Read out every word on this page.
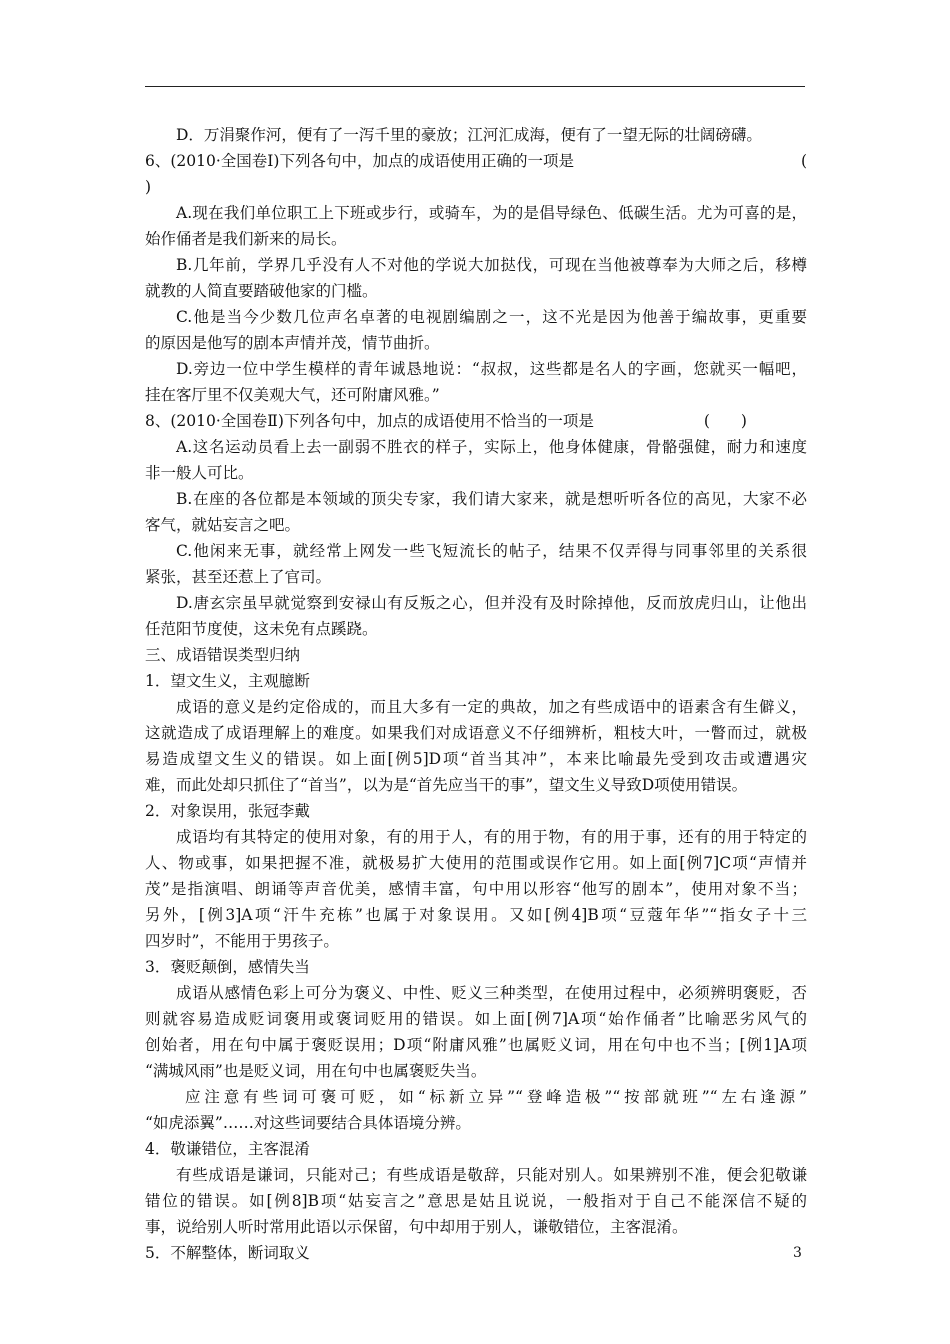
D．万涓聚作河，便有了一泻千里的豪放；江河汇成海，便有了一望无际的壮阔磅礴。
6、(2010·全国卷Ⅰ)下列各句中，加点的成语使用正确的一项是	(
)
A.现在我们单位职工上下班或步行，或骑车，为的是倡导绿色、低碳生活。尤为可喜的是，
始作俑者是我们新来的局长。
B.几年前，学界几乎没有人不对他的学说大加挞伐，可现在当他被尊奉为大师之后，移樽
就教的人简直要踏破他家的门槛。
C.他是当今少数几位声名卓著的电视剧编剧之一，这不光是因为他善于编故事，更重要
的原因是他写的剧本声情并茂，情节曲折。
D.旁边一位中学生模样的青年诚恳地说：“叔叔，这些都是名人的字画，您就买一幅吧，
挂在客厅里不仅美观大气，还可附庸风雅。”
8、(2010·全国卷Ⅱ)下列各句中，加点的成语使用不恰当的一项是	(　　)
A.这名运动员看上去一副弱不胜衣的样子，实际上，他身体健康，骨骼强健，耐力和速度
非一般人可比。
B.在座的各位都是本领域的顶尖专家，我们请大家来，就是想听听各位的高见，大家不必
客气，就姑妄言之吧。
C.他闲来无事，就经常上网发一些飞短流长的帖子，结果不仅弄得与同事邻里的关系很
紧张，甚至还惹上了官司。
D.唐玄宗虽早就觉察到安禄山有反叛之心，但并没有及时除掉他，反而放虎归山，让他出
任范阳节度使，这未免有点蹊跷。
三、成语错误类型归纳
1．望文生义，主观臆断
成语的意义是约定俗成的，而且大多有一定的典故，加之有些成语中的语素含有生僻义，
这就造成了成语理解上的难度。如果我们对成语意义不仔细辨析，粗枝大叶，一瞥而过，就极
易造成望文生义的错误。如上面[例5]D项“首当其冲”，本来比喻最先受到攻击或遭遇灾
难，而此处却只抓住了“首当”，以为是“首先应当干的事”，望文生义导致D项使用错误。
2．对象误用，张冠李戴
成语均有其特定的使用对象，有的用于人，有的用于物，有的用于事，还有的用于特定的
人、物或事，如果把握不准，就极易扩大使用的范围或误作它用。如上面[例7]C项“声情并
茂”是指演唱、朗诵等声音优美，感情丰富，句中用以形容“他写的剧本”，使用对象不当；
另外，[例3]A项“汗牛充栋”也属于对象误用。又如[例4]B项“豆蔻年华”“指女子十三
四岁时”，不能用于男孩子。
3．褒贬颠倒，感情失当
成语从感情色彩上可分为褒义、中性、贬义三种类型，在使用过程中，必须辨明褒贬，否
则就容易造成贬词褒用或褒词贬用的错误。如上面[例7]A项“始作俑者”比喻恶劣风气的
创始者，用在句中属于褒贬误用；D项“附庸风雅”也属贬义词，用在句中也不当；[例1]A项
“满城风雨”也是贬义词，用在句中也属褒贬失当。
应注意有些词可褒可贬，如“标新立异”“登峰造极”“按部就班”“左右逢源”
“如虎添翼”……对这些词要结合具体语境分辨。
4．敬谦错位，主客混淆
有些成语是谦词，只能对己；有些成语是敬辞，只能对别人。如果辨别不准，便会犯敬谦
错位的错误。如[例8]B项“姑妄言之”意思是姑且说说，一般指对于自己不能深信不疑的
事，说给别人听时常用此语以示保留，句中却用于别人，谦敬错位，主客混淆。
5．不解整体，断词取义	3
